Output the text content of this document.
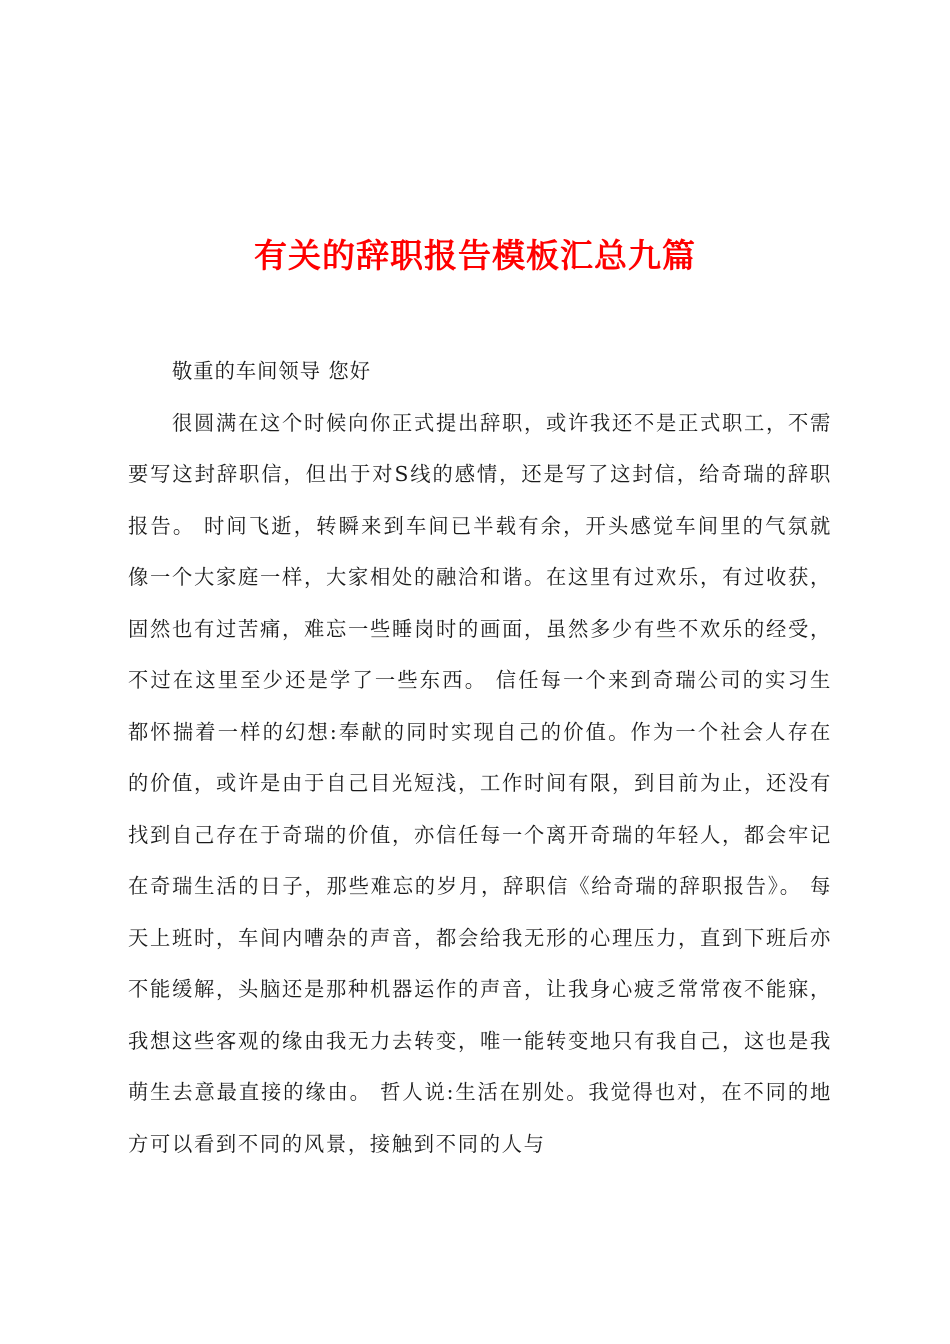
有关的辞职报告模板汇总九篇

敬重的车间领导 您好

很圆满在这个时候向你正式提出辞职，或许我还不是正式职工，不需要写这封辞职信，但出于对S线的感情，还是写了这封信，给奇瑞的辞职报告。 时间飞逝，转瞬来到车间已半载有余，开头感觉车间里的气氛就像一个大家庭一样，大家相处的融洽和谐。在这里有过欢乐，有过收获，固然也有过苦痛，难忘一些睡岗时的画面，虽然多少有些不欢乐的经受，不过在这里至少还是学了一些东西。 信任每一个来到奇瑞公司的实习生都怀揣着一样的幻想:奉献的同时实现自己的价值。作为一个社会人存在的价值，或许是由于自己目光短浅，工作时间有限，到目前为止，还没有找到自己存在于奇瑞的价值，亦信任每一个离开奇瑞的年轻人，都会牢记在奇瑞生活的日子，那些难忘的岁月，辞职信《给奇瑞的辞职报告》。 每天上班时，车间内嘈杂的声音，都会给我无形的心理压力，直到下班后亦不能缓解，头脑还是那种机器运作的声音，让我身心疲乏常常夜不能寐，我想这些客观的缘由我无力去转变，唯一能转变地只有我自己，这也是我萌生去意最直接的缘由。 哲人说:生活在别处。我觉得也对，在不同的地方可以看到不同的风景，接触到不同的人与
